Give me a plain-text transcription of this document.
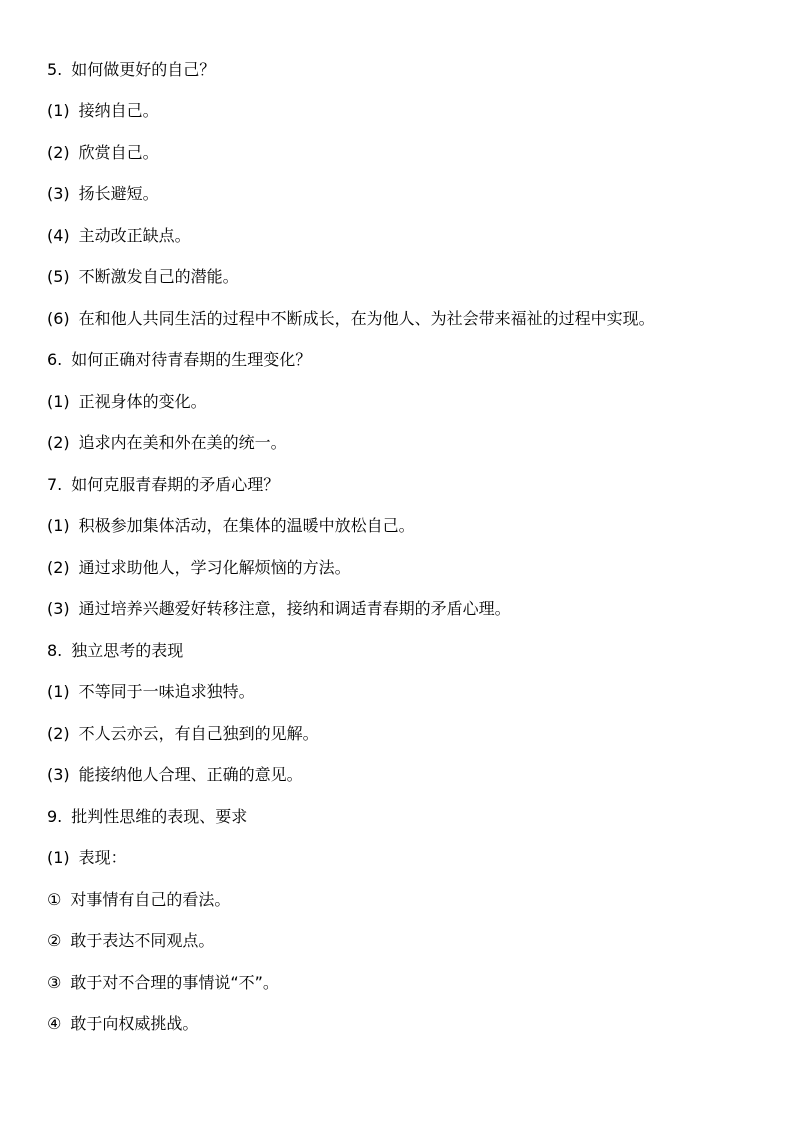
5. 如何做更好的自己？
(1) 接纳自己。
(2) 欣赏自己。
(3) 扬长避短。
(4) 主动改正缺点。
(5) 不断激发自己的潜能。
(6) 在和他人共同生活的过程中不断成长，在为他人、为社会带来福祉的过程中实现。
6. 如何正确对待青春期的生理变化？
(1) 正视身体的变化。
(2) 追求内在美和外在美的统一。
7. 如何克服青春期的矛盾心理？
(1) 积极参加集体活动，在集体的温暖中放松自己。
(2) 通过求助他人，学习化解烦恼的方法。
(3) 通过培养兴趣爱好转移注意，接纳和调适青春期的矛盾心理。
8. 独立思考的表现
(1) 不等同于一味追求独特。
(2) 不人云亦云，有自己独到的见解。
(3) 能接纳他人合理、正确的意见。
9. 批判性思维的表现、要求
(1) 表现：
① 对事情有自己的看法。
② 敢于表达不同观点。
③ 敢于对不合理的事情说“不”。
④ 敢于向权威挑战。
